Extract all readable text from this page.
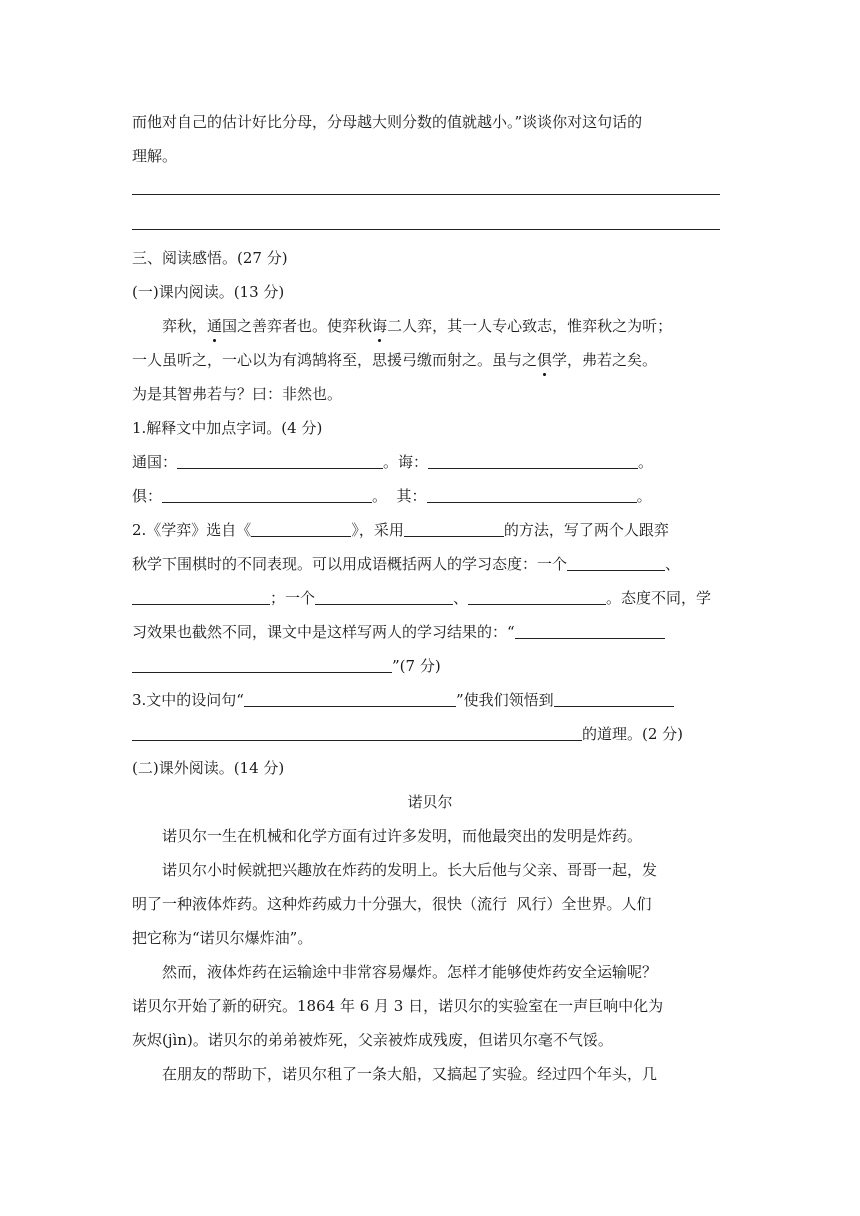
而他对自己的估计好比分母，分母越大则分数的值就越小。”谈谈你对这句话的
理解。
三、阅读感悟。(27 分)
(一)课内阅读。(13 分)
弈秋，通国之善弈者也。使弈秋诲二人弈，其一人专心致志，惟弈秋之为听；
一人虽听之，一心以为有鸿鹄将至，思援弓缴而射之。虽与之俱学，弗若之矣。
为是其智弗若与？曰：非然也。
1.解释文中加点字词。(4 分)
通国：	。诲：	。
俱：	。  其：	。
2.《学弈》选自《	》，采用	的方法，写了两个人跟弈
秋学下围棋时的不同表现。可以用成语概括两人的学习态度：一个	、
；一个	、	。态度不同，学
习效果也截然不同，课文中是这样写两人的学习结果的：“
”(7 分)
3.文中的设问句“	”使我们领悟到
的道理。(2 分)
(二)课外阅读。(14 分)
诺贝尔
诺贝尔一生在机械和化学方面有过许多发明，而他最突出的发明是炸药。
诺贝尔小时候就把兴趣放在炸药的发明上。长大后他与父亲、哥哥一起，发
明了一种液体炸药。这种炸药威力十分强大，很快（流行  风行）全世界。人们
把它称为“诺贝尔爆炸油”。
然而，液体炸药在运输途中非常容易爆炸。怎样才能够使炸药安全运输呢？
诺贝尔开始了新的研究。1864 年 6 月 3 日，诺贝尔的实验室在一声巨响中化为
灰烬(jìn)。诺贝尔的弟弟被炸死，父亲被炸成残废，但诺贝尔毫不气馁。
在朋友的帮助下，诺贝尔租了一条大船，又搞起了实验。经过四个年头，几
